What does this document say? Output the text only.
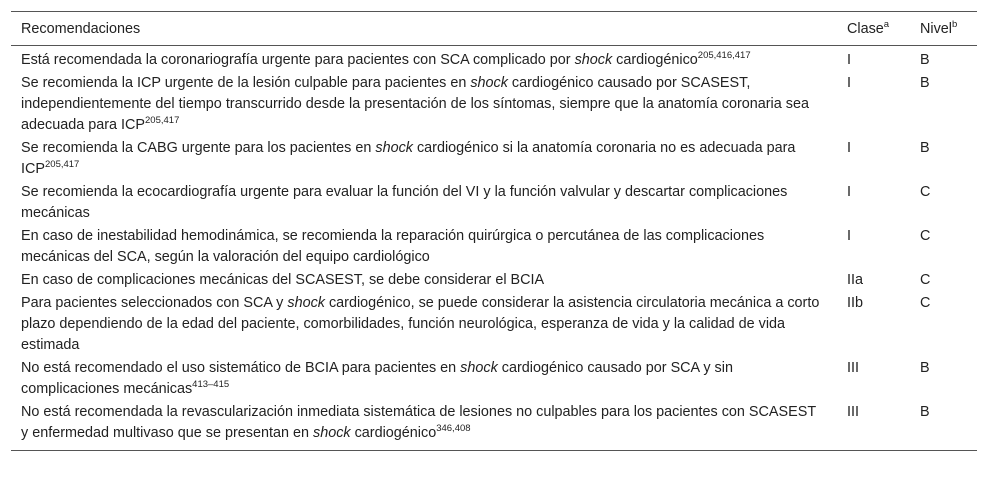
Recomendaciones	Clase$^a$	Nivel$^b$
Está recomendada la coronariografía urgente para pacientes con SCA complicado por shock cardiogénico$^{205,416,417}$	I	B
Se recomienda la ICP urgente de la lesión culpable para pacientes en shock cardiogénico causado por SCASEST, independientemente del tiempo transcurrido desde la presentación de los síntomas, siempre que la anatomía coronaria sea adecuada para ICP$^{205,417}$	I	B
Se recomienda la CABG urgente para los pacientes en shock cardiogénico si la anatomía coronaria no es adecuada para ICP$^{205,417}$	I	B
Se recomienda la ecocardiografía urgente para evaluar la función del VI y la función valvular y descartar complicaciones mecánicas	I	C
En caso de inestabilidad hemodinámica, se recomienda la reparación quirúrgica o percutánea de las complicaciones mecánicas del SCA, según la valoración del equipo cardiológico	I	C
En caso de complicaciones mecánicas del SCASEST, se debe considerar el BCIA	IIa	C
Para pacientes seleccionados con SCA y shock cardiogénico, se puede considerar la asistencia circulatoria mecánica a corto plazo dependiendo de la edad del paciente, comorbilidades, función neurológica, esperanza de vida y la calidad de vida estimada	IIb	C
No está recomendado el uso sistemático de BCIA para pacientes en shock cardiogénico causado por SCA y sin complicaciones mecánicas$^{413-415}$	III	B
No está recomendada la revascularización inmediata sistemática de lesiones no culpables para los pacientes con SCASEST y enfermedad multivaso que se presentan en shock cardiogénico$^{346,408}$	III	B
